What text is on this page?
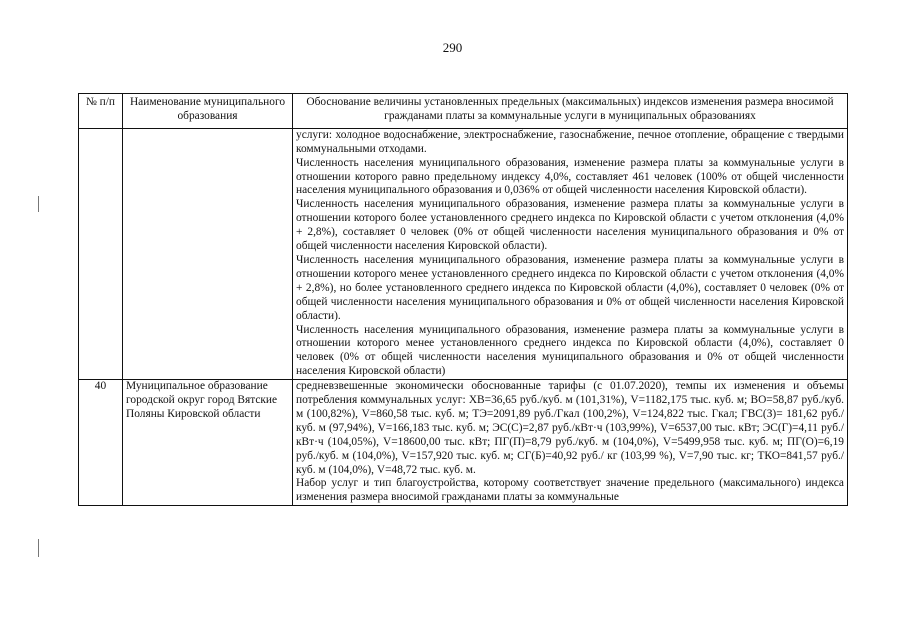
290
№ п/п	Наименование муниципального образования	Обоснование величины установленных предельных (максимальных) индексов изменения размера вносимой гражданами платы за коммунальные услуги в муниципальных образованиях

		услуги: холодное водоснабжение, электроснабжение, газоснабжение, печное отопление, обращение с твердыми коммунальными отходами.

Численность населения муниципального образования, изменение размера платы за коммунальные услуги в отношении которого равно предельному индексу 4,0%, составляет 461 человек (100% от общей численности населения муниципального образования и 0,036% от общей численности населения Кировской области).

Численность населения муниципального образования, изменение размера платы за коммунальные услуги в отношении которого более установленного среднего индекса по Кировской области с учетом отклонения (4,0% + 2,8%), составляет 0 человек (0% от общей численности населения муниципального образования и 0% от общей численности населения Кировской области).

Численность населения муниципального образования, изменение размера платы за коммунальные услуги в отношении которого менее установленного среднего индекса по Кировской области с учетом отклонения (4,0% + 2,8%), но более установленного среднего индекса по Кировской области (4,0%), составляет 0 человек (0% от общей численности населения муниципального образования и 0% от общей численности населения Кировской области).

Численность населения муниципального образования, изменение размера платы за коммунальные услуги в отношении которого менее установленного среднего индекса по Кировской области (4,0%), составляет 0 человек (0% от общей численности населения муниципального образования и 0% от общей численности населения Кировской области)

40	Муниципальное образование городской округ город Вятские Поляны Кировской области	средневзвешенные экономически обоснованные тарифы (с 01.07.2020), темпы их изменения и объемы потребления коммунальных услуг: ХВ=36,65 руб./куб. м (101,31%), V=1182,175 тыс. куб. м; ВО=58,87 руб./куб. м (100,82%), V=860,58 тыс. куб. м; ТЭ=2091,89 руб./Гкал (100,2%), V=124,822 тыс. Гкал; ГВС(З)= 181,62 руб./куб. м (97,94%), V=166,183 тыс. куб. м; ЭС(С)=2,87 руб./кВт·ч (103,99%), V=6537,00 тыс. кВт; ЭС(Г)=4,11 руб./кВт·ч (104,05%), V=18600,00 тыс. кВт; ПГ(П)=8,79 руб./куб. м (104,0%), V=5499,958 тыс. куб. м; ПГ(О)=6,19 руб./куб. м (104,0%), V=157,920 тыс. куб. м; СГ(Б)=40,92 руб./ кг (103,99 %), V=7,90 тыс. кг; ТКО=841,57 руб./куб. м (104,0%), V=48,72 тыс. куб. м.

Набор услуг и тип благоустройства, которому соответствует значение предельного (максимального) индекса изменения размера вносимой гражданами платы за коммунальные
